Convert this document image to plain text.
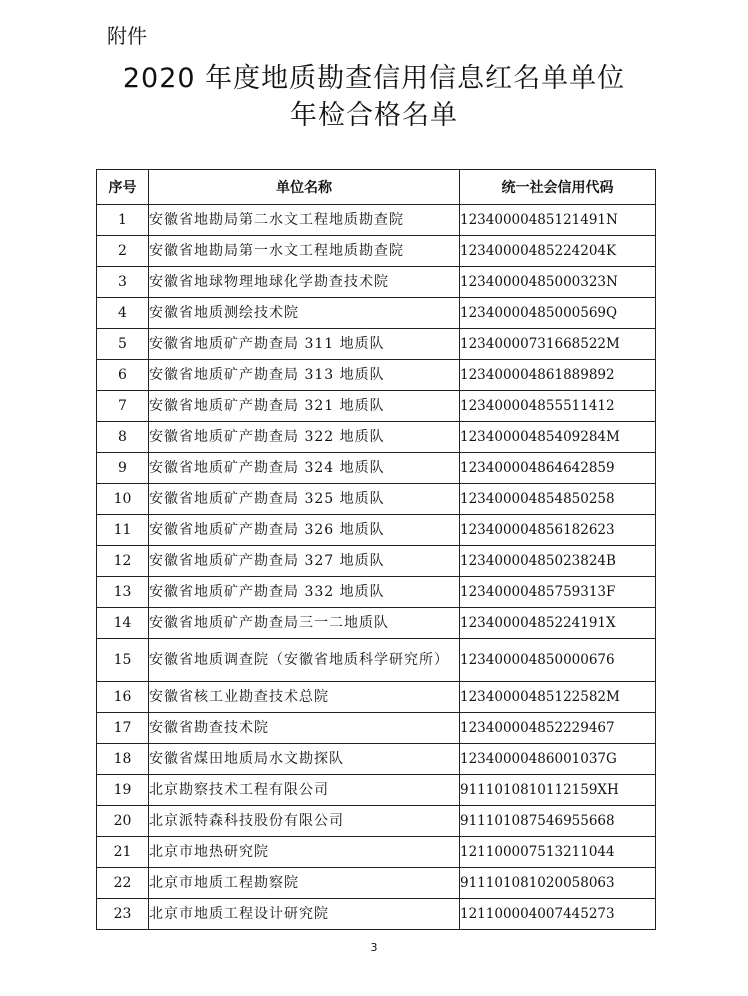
附件
2020 年度地质勘查信用信息红名单单位
年检合格名单
序号	单位名称	统一社会信用代码
1	安徽省地勘局第二水文工程地质勘查院	12340000485121491N
2	安徽省地勘局第一水文工程地质勘查院	12340000485224204K
3	安徽省地球物理地球化学勘查技术院	12340000485000323N
4	安徽省地质测绘技术院	12340000485000569Q
5	安徽省地质矿产勘查局 311 地质队	12340000731668522M
6	安徽省地质矿产勘查局 313 地质队	123400004861889892
7	安徽省地质矿产勘查局 321 地质队	123400004855511412
8	安徽省地质矿产勘查局 322 地质队	12340000485409284M
9	安徽省地质矿产勘查局 324 地质队	123400004864642859
10	安徽省地质矿产勘查局 325 地质队	123400004854850258
11	安徽省地质矿产勘查局 326 地质队	123400004856182623
12	安徽省地质矿产勘查局 327 地质队	12340000485023824B
13	安徽省地质矿产勘查局 332 地质队	12340000485759313F
14	安徽省地质矿产勘查局三一二地质队	12340000485224191X
15	安徽省地质调查院（安徽省地质科学研究所）	123400004850000676
16	安徽省核工业勘查技术总院	12340000485122582M
17	安徽省勘查技术院	123400004852229467
18	安徽省煤田地质局水文勘探队	12340000486001037G
19	北京勘察技术工程有限公司	9111010810112159XH
20	北京派特森科技股份有限公司	911101087546955668
21	北京市地热研究院	121100007513211044
22	北京市地质工程勘察院	911101081020058063
23	北京市地质工程设计研究院	121100004007445273
3
